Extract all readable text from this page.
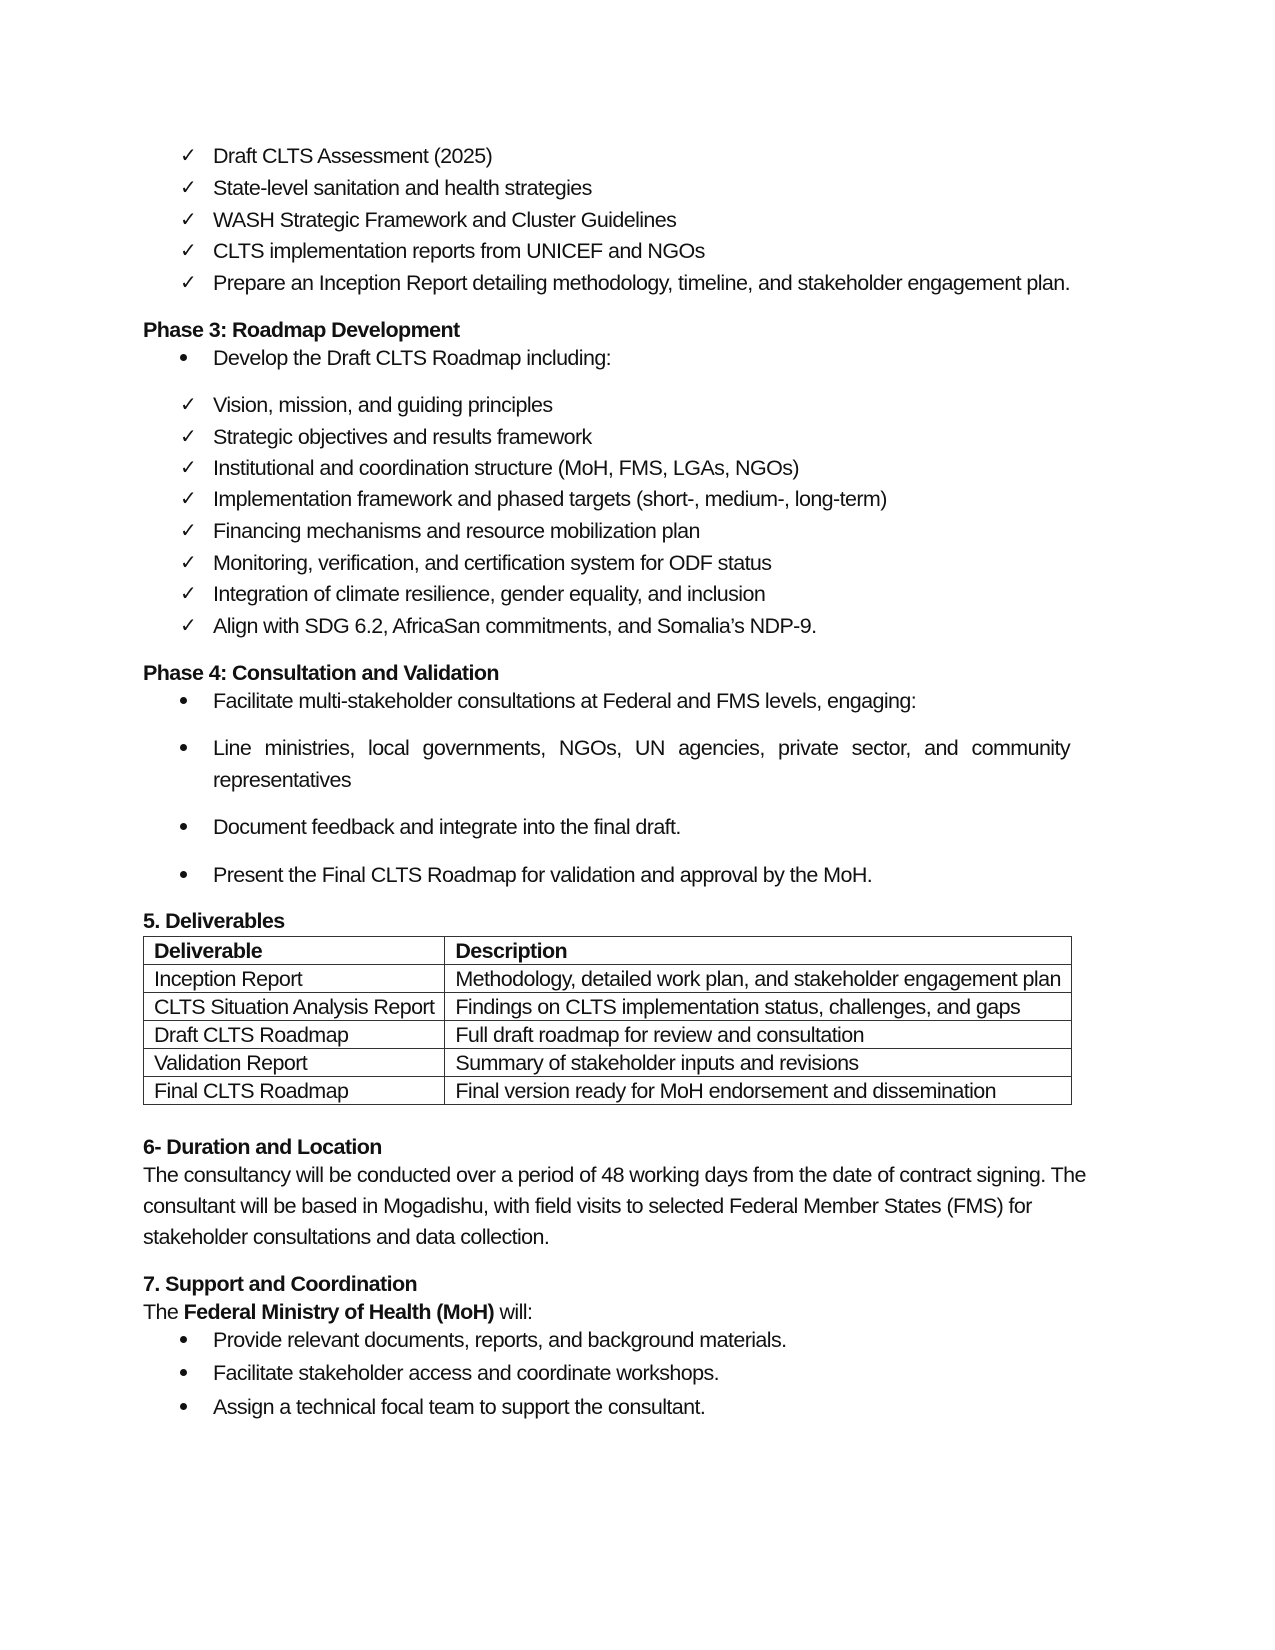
✓ Draft CLTS Assessment (2025)
✓ State-level sanitation and health strategies
✓ WASH Strategic Framework and Cluster Guidelines
✓ CLTS implementation reports from UNICEF and NGOs
✓ Prepare an Inception Report detailing methodology, timeline, and stakeholder engagement plan.
Phase 3: Roadmap Development
Develop the Draft CLTS Roadmap including:
✓ Vision, mission, and guiding principles
✓ Strategic objectives and results framework
✓ Institutional and coordination structure (MoH, FMS, LGAs, NGOs)
✓ Implementation framework and phased targets (short-, medium-, long-term)
✓ Financing mechanisms and resource mobilization plan
✓ Monitoring, verification, and certification system for ODF status
✓ Integration of climate resilience, gender equality, and inclusion
✓ Align with SDG 6.2, AfricaSan commitments, and Somalia’s NDP-9.
Phase 4: Consultation and Validation
Facilitate multi-stakeholder consultations at Federal and FMS levels, engaging:
Line ministries, local governments, NGOs, UN agencies, private sector, and community
representatives
Document feedback and integrate into the final draft.
Present the Final CLTS Roadmap for validation and approval by the MoH.
5. Deliverables
Deliverable	Description
Inception Report	Methodology, detailed work plan, and stakeholder engagement plan
CLTS Situation Analysis Report	Findings on CLTS implementation status, challenges, and gaps
Draft CLTS Roadmap	Full draft roadmap for review and consultation
Validation Report	Summary of stakeholder inputs and revisions
Final CLTS Roadmap	Final version ready for MoH endorsement and dissemination
6- Duration and Location
The consultancy will be conducted over a period of 48 working days from the date of contract signing. The
consultant will be based in Mogadishu, with field visits to selected Federal Member States (FMS) for
stakeholder consultations and data collection.
7. Support and Coordination
The Federal Ministry of Health (MoH) will:
Provide relevant documents, reports, and background materials.
Facilitate stakeholder access and coordinate workshops.
Assign a technical focal team to support the consultant.
